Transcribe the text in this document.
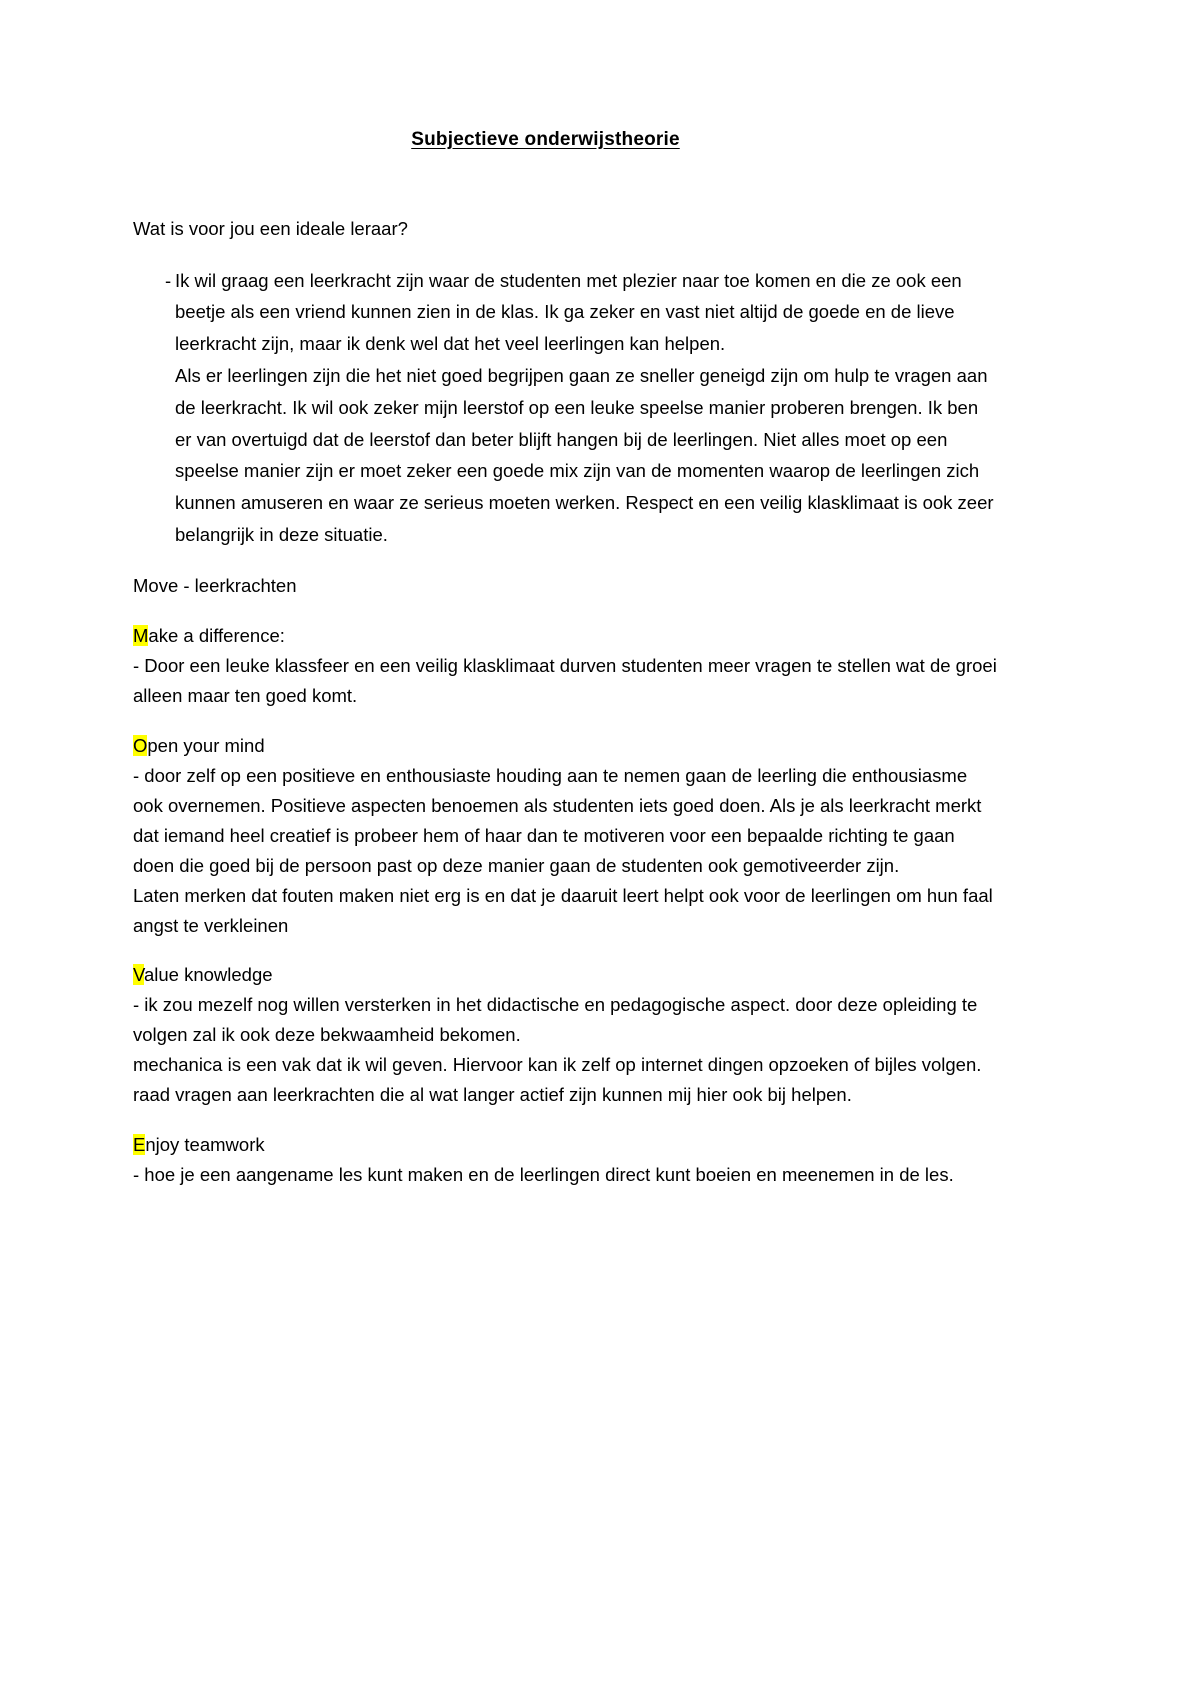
Subjectieve onderwijstheorie

Wat is voor jou een ideale leraar?

- Ik wil graag een leerkracht zijn waar de studenten met plezier naar toe komen en die ze ook een beetje als een vriend kunnen zien in de klas. Ik ga zeker en vast niet altijd de goede en de lieve leerkracht zijn, maar ik denk wel dat het veel leerlingen kan helpen.

Als er leerlingen zijn die het niet goed begrijpen gaan ze sneller geneigd zijn om hulp te vragen aan de leerkracht. Ik wil ook zeker mijn leerstof op een leuke speelse manier proberen brengen. Ik ben er van overtuigd dat de leerstof dan beter blijft hangen bij de leerlingen. Niet alles moet op een speelse manier zijn er moet zeker een goede mix zijn van de momenten waarop de leerlingen zich kunnen amuseren en waar ze serieus moeten werken. Respect en een veilig klasklimaat is ook zeer belangrijk in deze situatie.

Move - leerkrachten

Make a difference:

- Door een leuke klassfeer en een veilig klasklimaat durven studenten meer vragen te stellen wat de groei alleen maar ten goed komt.

Open your mind

- door zelf op een positieve en enthousiaste houding aan te nemen gaan de leerling die enthousiasme ook overnemen. Positieve aspecten benoemen als studenten iets goed doen. Als je als leerkracht merkt dat iemand heel creatief is probeer hem of haar dan te motiveren voor een bepaalde richting te gaan doen die goed bij de persoon past op deze manier gaan de studenten ook gemotiveerder zijn.

Laten merken dat fouten maken niet erg is en dat je daaruit leert helpt ook voor de leerlingen om hun faal angst te verkleinen

Value knowledge

- ik zou mezelf nog willen versterken in het didactische en pedagogische aspect. door deze opleiding te volgen zal ik ook deze bekwaamheid bekomen.

mechanica is een vak dat ik wil geven. Hiervoor kan ik zelf op internet dingen opzoeken of bijles volgen.

raad vragen aan leerkrachten die al wat langer actief zijn kunnen mij hier ook bij helpen.

Enjoy teamwork

- hoe je een aangename les kunt maken en de leerlingen direct kunt boeien en meenemen in de les.
